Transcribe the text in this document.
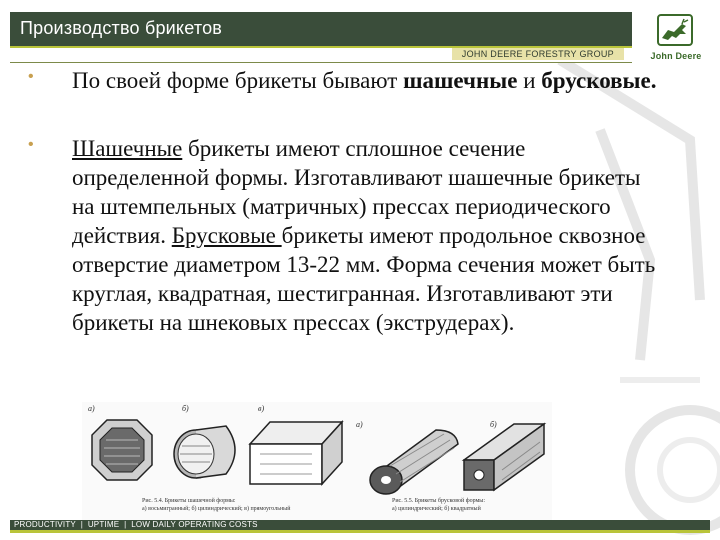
Производство брикетов
JOHN DEERE FORESTRY GROUP	John Deere
• По своей форме брикеты бывают шашечные и брусковые.
• Шашечные брикеты имеют сплошное сечение определенной формы. Изготавливают шашечные брикеты на штемпельных (матричных) прессах периодического действия. Брусковые брикеты имеют продольное сквозное отверстие диаметром 13-22 мм. Форма сечения может быть круглая, квадратная, шестигранная. Изготавливают эти брикеты на шнековых прессах (экструдерах).
а)	б)	в)
Рис. 5.4. Брикеты шашечной формы:
а) восьмигранный; б) цилиндрический; в) прямоугольный
а)	б)
Рис. 5.5. Брикеты брусковой формы:
а) цилиндрический; б) квадратный
PRODUCTIVITY  |  UPTIME  |  LOW DAILY OPERATING COSTS
